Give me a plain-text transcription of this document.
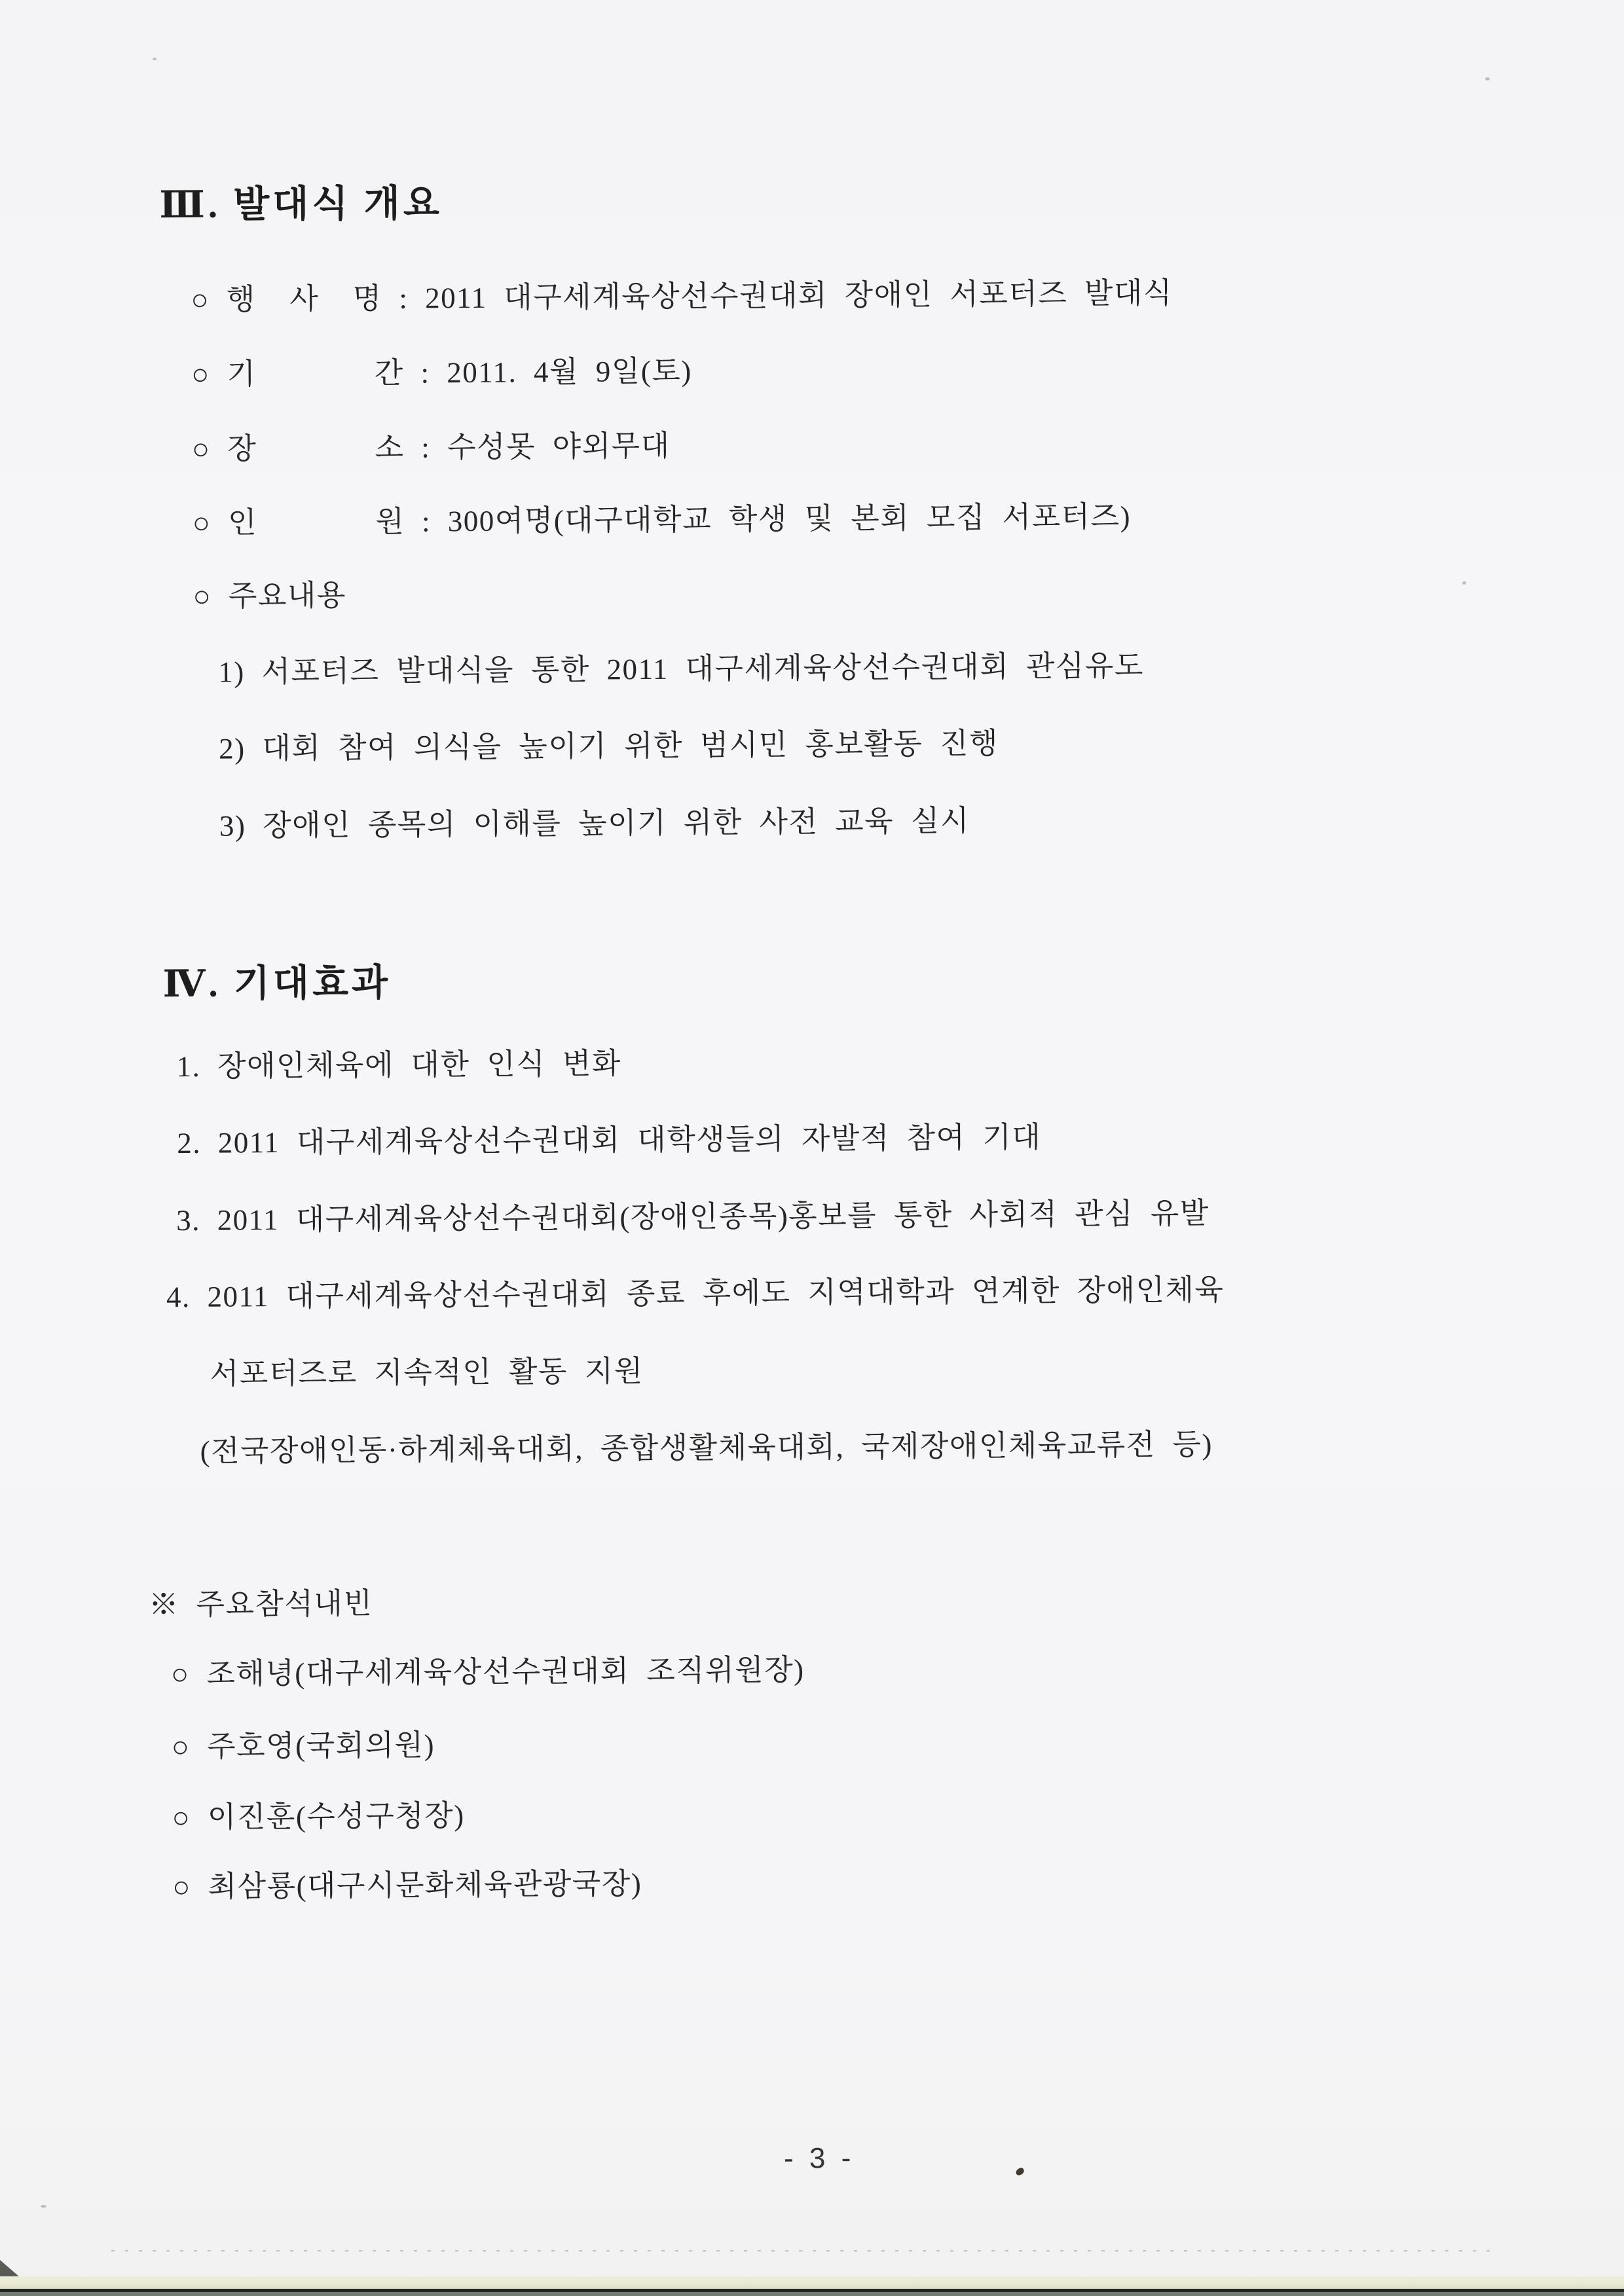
Ⅲ. 발대식 개요
○ 행  사  명 : 2011 대구세계육상선수권대회 장애인 서포터즈 발대식
○ 기       간 : 2011. 4월 9일(토)
○ 장       소 : 수성못 야외무대
○ 인       원 : 300여명(대구대학교 학생 및 본회 모집 서포터즈)
○ 주요내용
1) 서포터즈 발대식을 통한 2011 대구세계육상선수권대회 관심유도
2) 대회 참여 의식을 높이기 위한 범시민 홍보활동 진행
3) 장애인 종목의 이해를 높이기 위한 사전 교육 실시
Ⅳ. 기대효과
1. 장애인체육에 대한 인식 변화
2. 2011 대구세계육상선수권대회 대학생들의 자발적 참여 기대
3. 2011 대구세계육상선수권대회(장애인종목)홍보를 통한 사회적 관심 유발
4. 2011 대구세계육상선수권대회 종료 후에도 지역대학과 연계한 장애인체육
서포터즈로 지속적인 활동 지원
(전국장애인동·하계체육대회, 종합생활체육대회, 국제장애인체육교류전 등)
※ 주요참석내빈
○ 조해녕(대구세계육상선수권대회 조직위원장)
○ 주호영(국회의원)
○ 이진훈(수성구청장)
○ 최삼룡(대구시문화체육관광국장)
- 3 -
